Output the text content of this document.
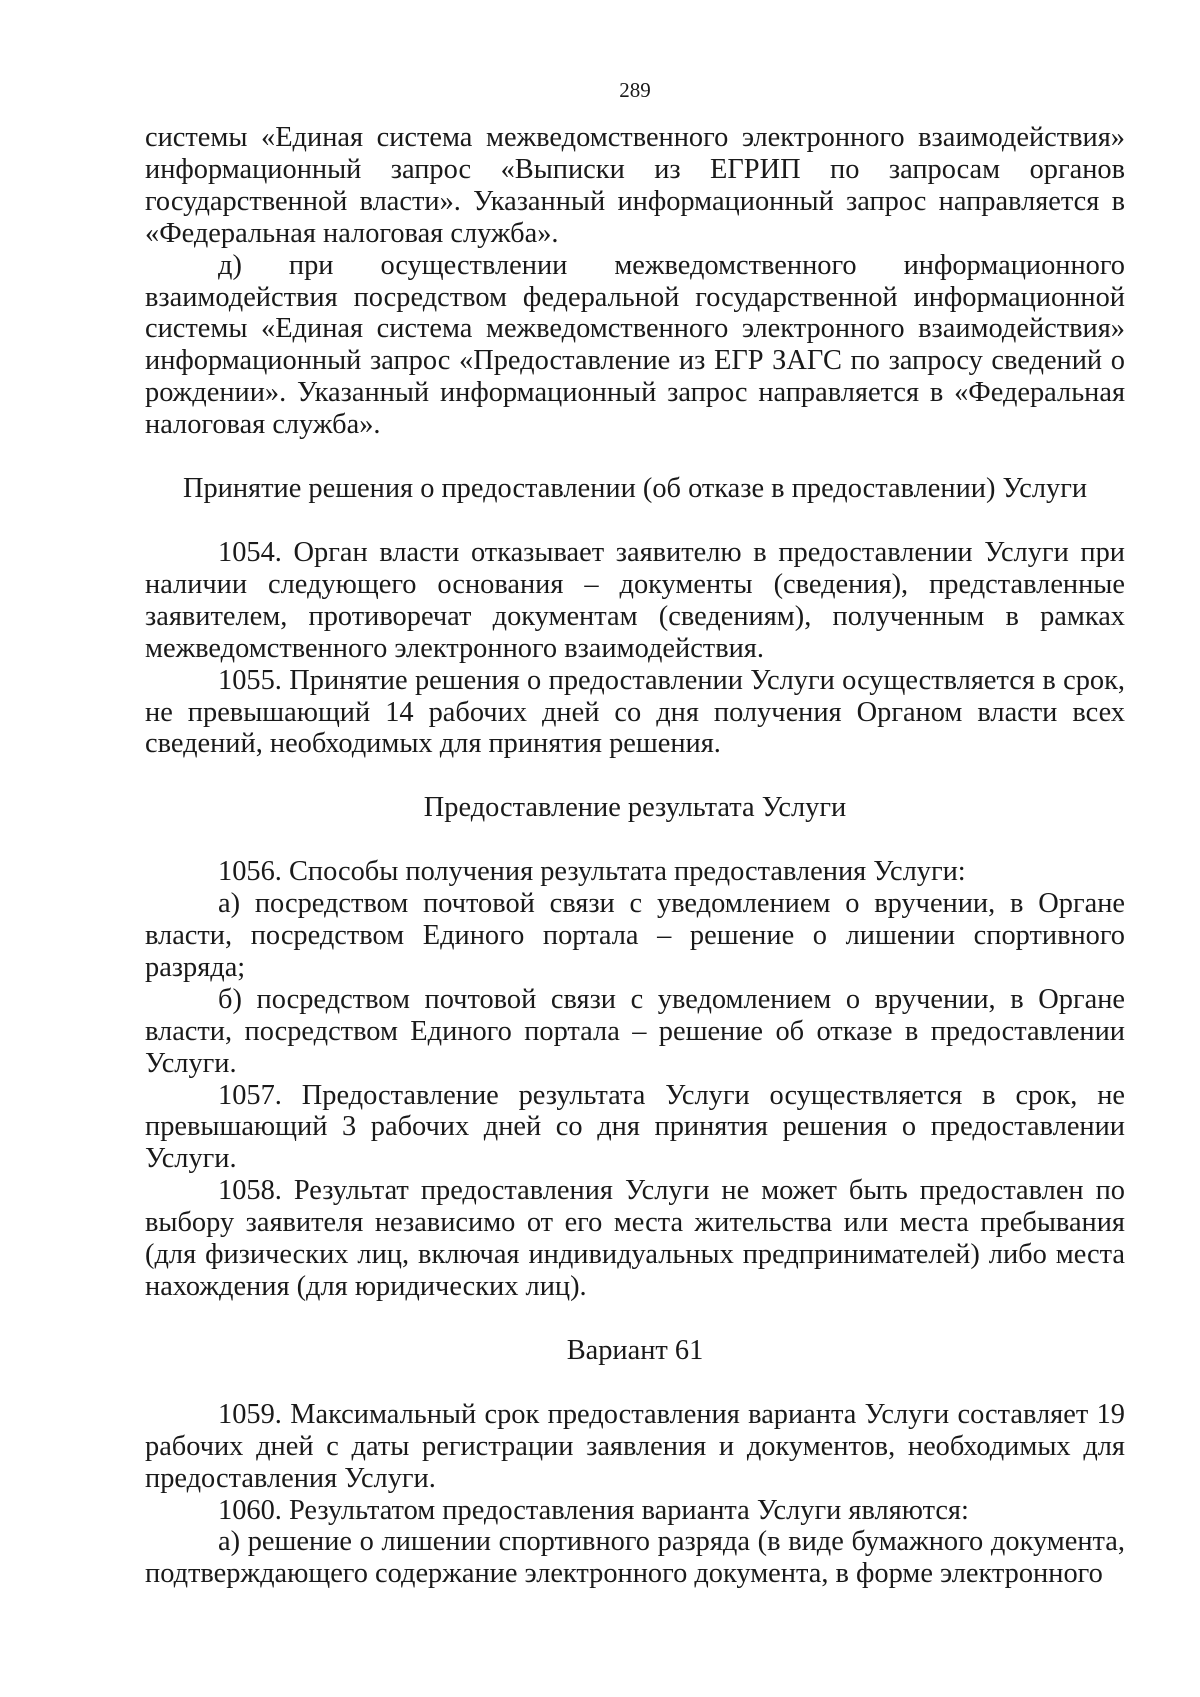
289

системы «Единая система межведомственного электронного взаимодействия» информационный запрос «Выписки из ЕГРИП по запросам органов государственной власти». Указанный информационный запрос направляется в «Федеральная налоговая служба».

д) при осуществлении межведомственного информационного взаимодействия посредством федеральной государственной информационной системы «Единая система межведомственного электронного взаимодействия» информационный запрос «Предоставление из ЕГР ЗАГС по запросу сведений о рождении». Указанный информационный запрос направляется в «Федеральная налоговая служба».

Принятие решения о предоставлении (об отказе в предоставлении) Услуги

1054. Орган власти отказывает заявителю в предоставлении Услуги при наличии следующего основания – документы (сведения), представленные заявителем, противоречат документам (сведениям), полученным в рамках межведомственного электронного взаимодействия.

1055. Принятие решения о предоставлении Услуги осуществляется в срок, не превышающий 14 рабочих дней со дня получения Органом власти всех сведений, необходимых для принятия решения.

Предоставление результата Услуги

1056. Способы получения результата предоставления Услуги:

а) посредством почтовой связи с уведомлением о вручении, в Органе власти, посредством Единого портала – решение о лишении спортивного разряда;

б) посредством почтовой связи с уведомлением о вручении, в Органе власти, посредством Единого портала – решение об отказе в предоставлении Услуги.

1057. Предоставление результата Услуги осуществляется в срок, не превышающий 3 рабочих дней со дня принятия решения о предоставлении Услуги.

1058. Результат предоставления Услуги не может быть предоставлен по выбору заявителя независимо от его места жительства или места пребывания (для физических лиц, включая индивидуальных предпринимателей) либо места нахождения (для юридических лиц).

Вариант 61

1059. Максимальный срок предоставления варианта Услуги составляет 19 рабочих дней с даты регистрации заявления и документов, необходимых для предоставления Услуги.

1060. Результатом предоставления варианта Услуги являются:

а) решение о лишении спортивного разряда (в виде бумажного документа, подтверждающего содержание электронного документа, в форме электронного
